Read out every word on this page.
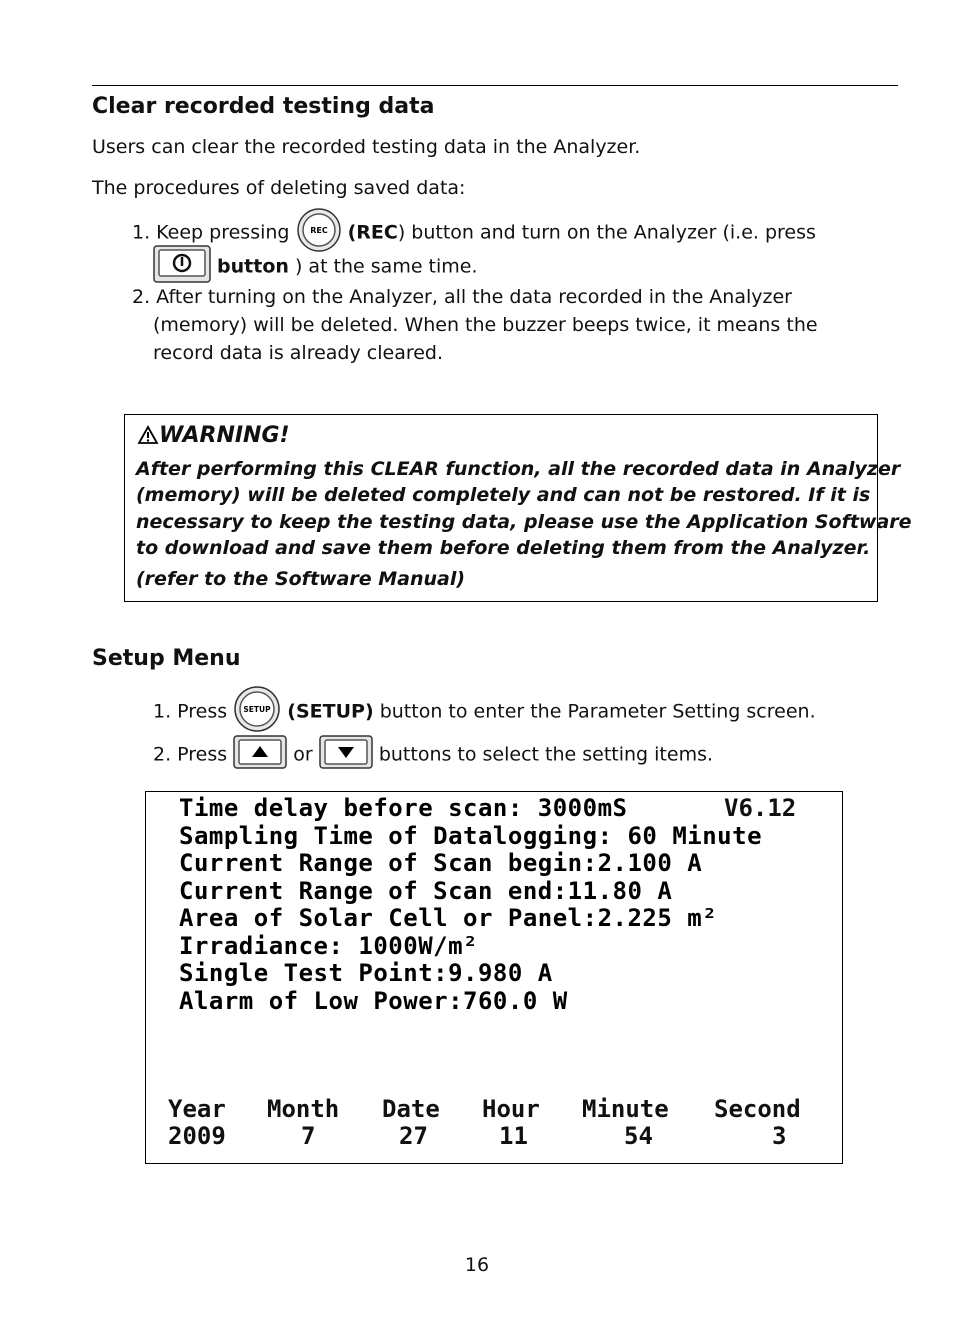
Clear recorded testing data

Users can clear the recorded testing data in the Analyzer.

The procedures of deleting saved data:

1. Keep pressing	REC (REC) button and turn on the Analyzer (i.e. press
button ) at the same time.

2. After turning on the Analyzer, all the data recorded in the Analyzer

(memory) will be deleted. When the buzzer beeps twice, it means the

record data is already cleared.

WARNING!
After performing this CLEAR function, all the recorded data in Analyzer
(memory) will be deleted completely and can not be restored. If it is
necessary to keep the testing data, please use the Application Software
to download and save them before deleting them from the Analyzer.
(refer to the Software Manual)
Setup Menu
1. Press SETUP (SETUP) button to enter the Parameter Setting screen.
2. Press	or	buttons to select the setting items.
V6.12
Time delay before scan: 3000mS
Sampling Time of Datalogging: 60 Minute
Current Range of Scan begin:2.100 A
Current Range of Scan end:11.80 A
Area of Solar Cell or Panel:2.225 m²
Irradiance: 1000W/m²
Single Test Point:9.980 A
Alarm of Low Power:760.0 W
Year Month Date Hour Minute Second
2009	7	27	11	54	3
16
